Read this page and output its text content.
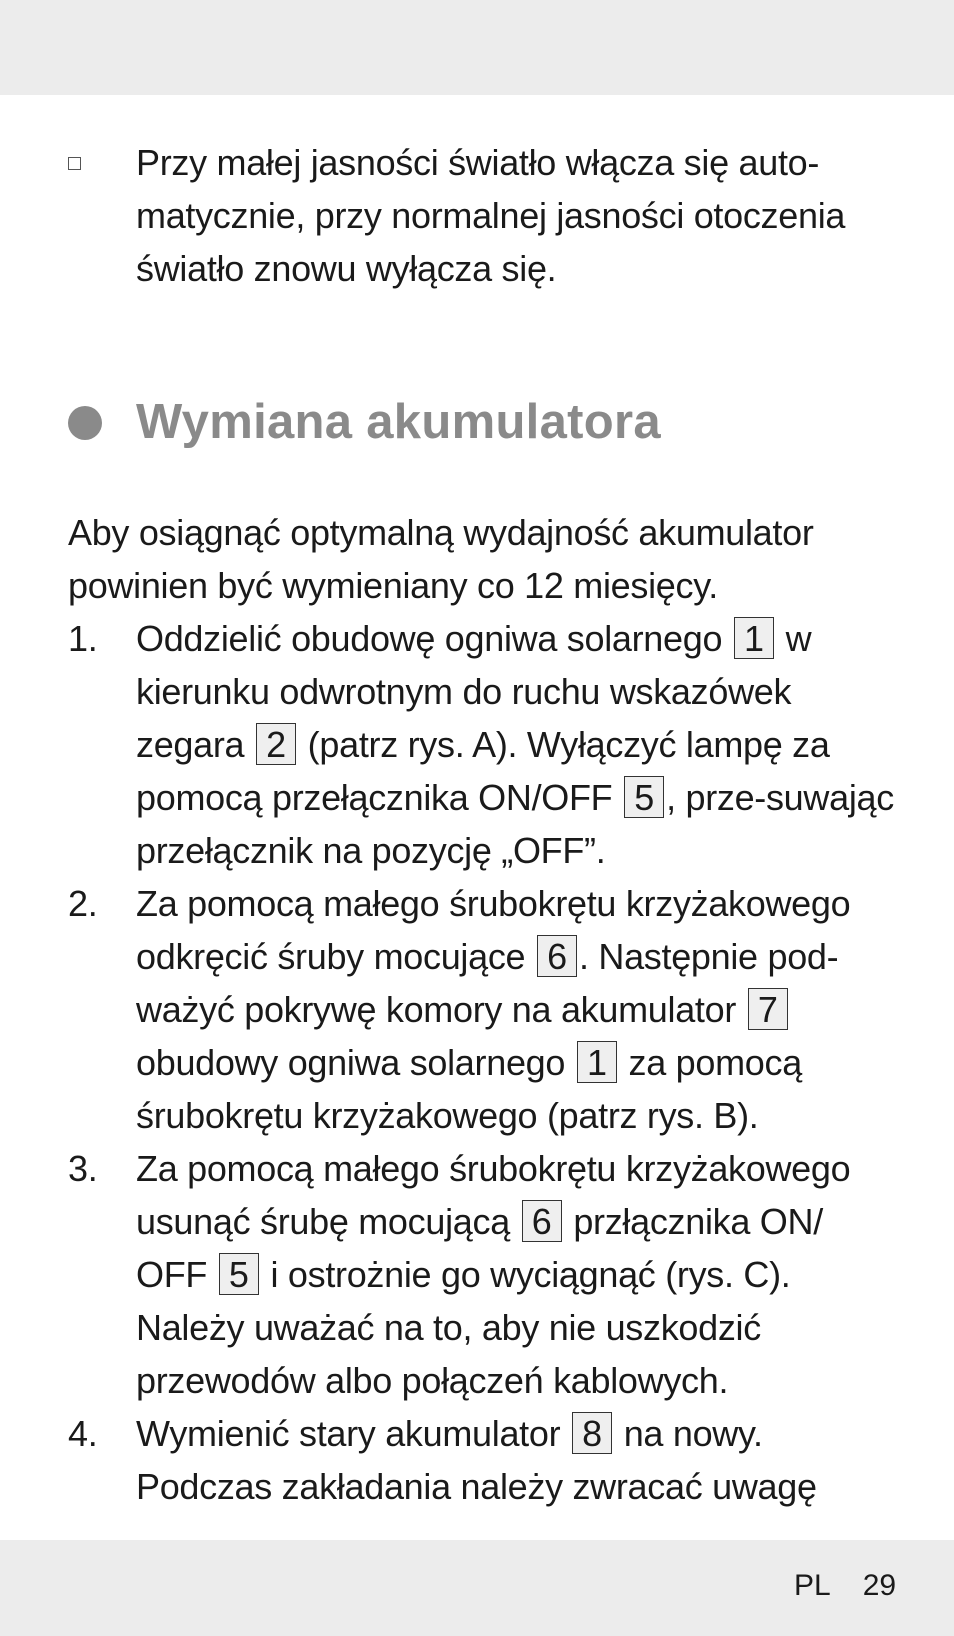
Przy małej jasności światło włącza się auto-matycznie, przy normalnej jasności otoczenia światło znowu wyłącza się.
Wymiana akumulatora
Aby osiągnąć optymalną wydajność akumulator powinien być wymieniany co 12 miesięcy.
1. Oddzielić obudowę ogniwa solarnego 1 w kierunku odwrotnym do ruchu wskazówek zegara 2 (patrz rys. A). Wyłączyć lampę za pomocą przełącznika ON/OFF 5 , prze-suwając przełącznik na pozycję „OFF”.
2. Za pomocą małego śrubokrętu krzyżakowego odkręcić śruby mocujące 6 . Następnie pod-ważyć pokrywę komory na akumulator 7 obudowy ogniwa solarnego 1 za pomocą śrubokrętu krzyżakowego (patrz rys. B).
3. Za pomocą małego śrubokrętu krzyżakowego usunąć śrubę mocującą 6 przłącznika ON/ OFF 5 i ostrożnie go wyciągnąć (rys. C). Należy uważać na to, aby nie uszkodzić przewodów albo połączeń kablowych.
4. Wymienić stary akumulator 8 na nowy. Podczas zakładania należy zwracać uwagę
PL 29
